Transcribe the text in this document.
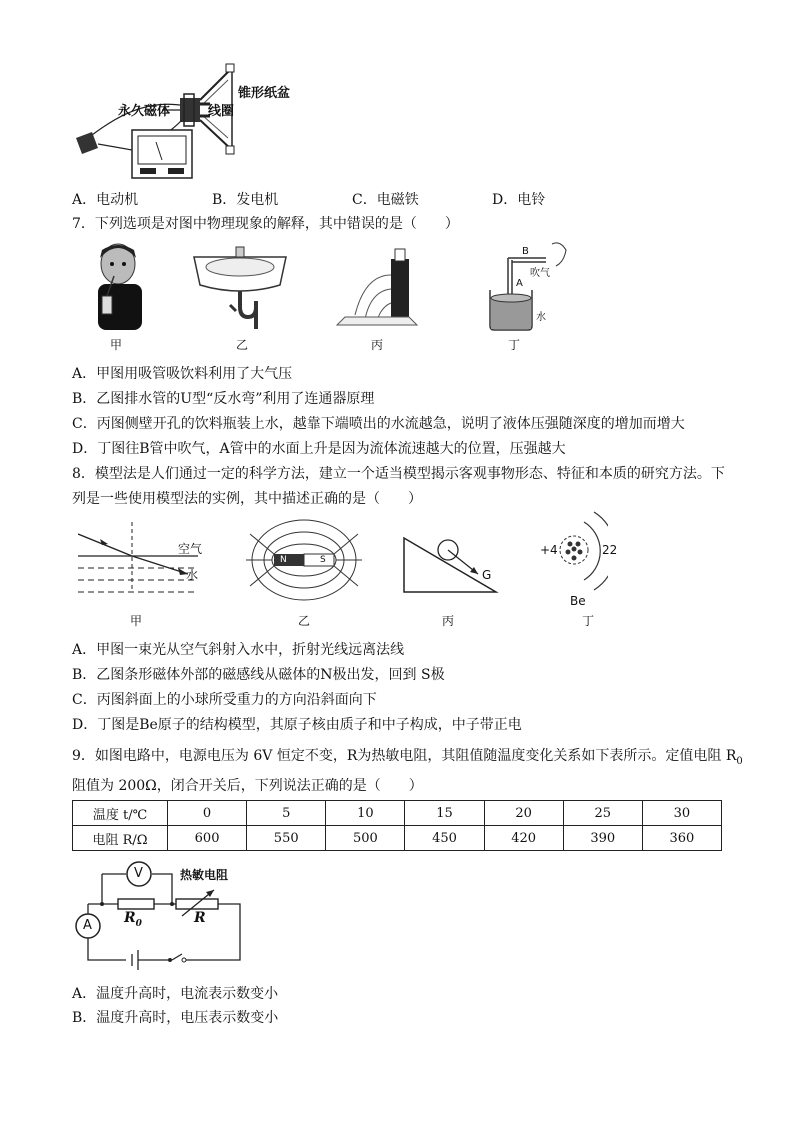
永久磁体
锥形纸盆
线圈
A．电动机	B．发电机	C．电磁铁	D．电铃
7．下列选项是对图中物理现象的解释，其中错误的是（　　）
B
A
吹气
水
甲	乙	丙	丁
A．甲图用吸管吸饮料利用了大气压
B．乙图排水管的U型“反水弯”利用了连通器原理
C．丙图侧壁开孔的饮料瓶装上水，越靠下端喷出的水流越急，说明了液体压强随深度的增加而增大
D．丁图往B管中吹气，A管中的水面上升是因为流体流速越大的位置，压强越大
8．模型法是人们通过一定的科学方法，建立一个适当模型揭示客观事物形态、特征和本质的研究方法。下
列是一些使用模型法的实例，其中描述正确的是（　　）
空气
水
N	S
G
+4	22
Be
甲	乙	丙	丁
A．甲图一束光从空气斜射入水中，折射光线远离法线
B．乙图条形磁体外部的磁感线从磁体的N极出发，回到 S极
C．丙图斜面上的小球所受重力的方向沿斜面向下
D．丁图是Be原子的结构模型，其原子核由质子和中子构成，中子带正电
9．如图电路中，电源电压为 6V 恒定不变，R为热敏电阻，其阻值随温度变化关系如下表所示。定值电阻 $R_0$
阻值为 200Ω，闭合开关后，下列说法正确的是（　　）
温度 t/℃	0	5	10	15	20	25	30
电阻 R/Ω	600	550	500	450	420	390	360
V
A $R_0$	R
热敏电阻
A．温度升高时，电流表示数变小
B．温度升高时，电压表示数变小
